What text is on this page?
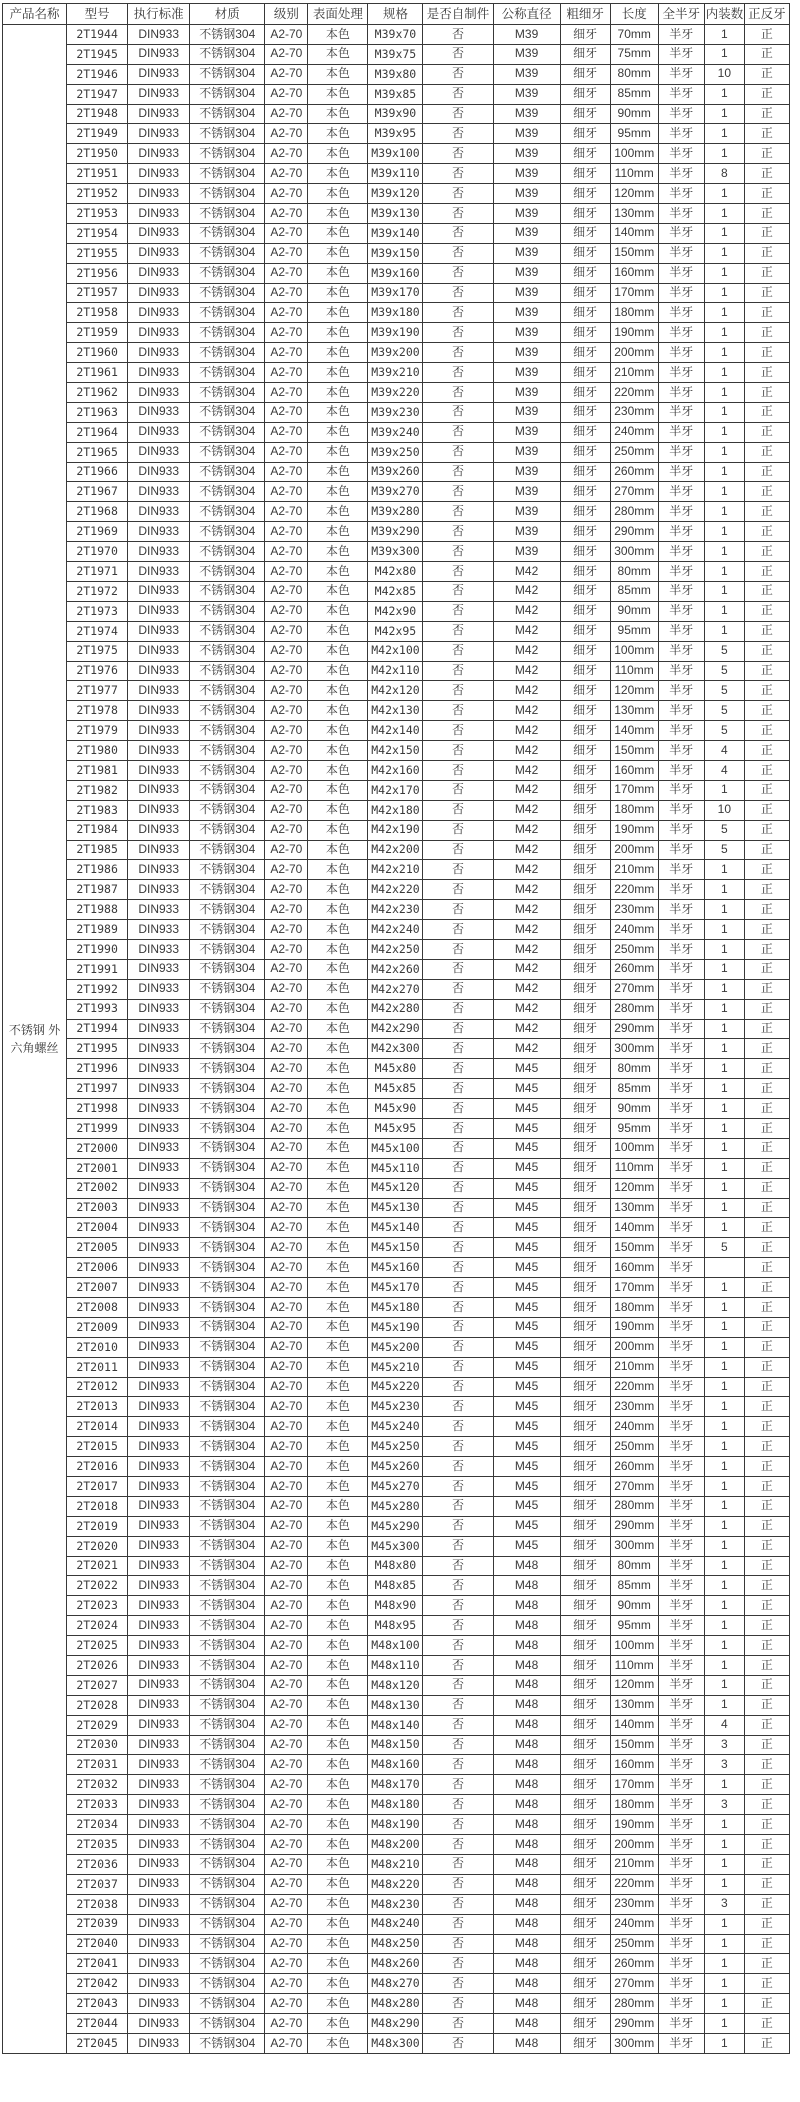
产品名称	型号	执行标准	材质	级别	表面处理	规格	是否自制件	公称直径	粗细牙	长度	全半牙	内装数	正反牙
不锈钢 外六角螺丝	2T1944	DIN933	不锈钢304	A2-70	本色	M39x70	否	M39	细牙	70mm	半牙	1	正
	2T1945	DIN933	不锈钢304	A2-70	本色	M39x75	否	M39	细牙	75mm	半牙	1	正
	2T1946	DIN933	不锈钢304	A2-70	本色	M39x80	否	M39	细牙	80mm	半牙	10	正
	2T1947	DIN933	不锈钢304	A2-70	本色	M39x85	否	M39	细牙	85mm	半牙	1	正
	2T1948	DIN933	不锈钢304	A2-70	本色	M39x90	否	M39	细牙	90mm	半牙	1	正
	2T1949	DIN933	不锈钢304	A2-70	本色	M39x95	否	M39	细牙	95mm	半牙	1	正
	2T1950	DIN933	不锈钢304	A2-70	本色	M39x100	否	M39	细牙	100mm	半牙	1	正
	2T1951	DIN933	不锈钢304	A2-70	本色	M39x110	否	M39	细牙	110mm	半牙	8	正
	2T1952	DIN933	不锈钢304	A2-70	本色	M39x120	否	M39	细牙	120mm	半牙	1	正
	2T1953	DIN933	不锈钢304	A2-70	本色	M39x130	否	M39	细牙	130mm	半牙	1	正
	2T1954	DIN933	不锈钢304	A2-70	本色	M39x140	否	M39	细牙	140mm	半牙	1	正
	2T1955	DIN933	不锈钢304	A2-70	本色	M39x150	否	M39	细牙	150mm	半牙	1	正
	2T1956	DIN933	不锈钢304	A2-70	本色	M39x160	否	M39	细牙	160mm	半牙	1	正
	2T1957	DIN933	不锈钢304	A2-70	本色	M39x170	否	M39	细牙	170mm	半牙	1	正
	2T1958	DIN933	不锈钢304	A2-70	本色	M39x180	否	M39	细牙	180mm	半牙	1	正
	2T1959	DIN933	不锈钢304	A2-70	本色	M39x190	否	M39	细牙	190mm	半牙	1	正
	2T1960	DIN933	不锈钢304	A2-70	本色	M39x200	否	M39	细牙	200mm	半牙	1	正
	2T1961	DIN933	不锈钢304	A2-70	本色	M39x210	否	M39	细牙	210mm	半牙	1	正
	2T1962	DIN933	不锈钢304	A2-70	本色	M39x220	否	M39	细牙	220mm	半牙	1	正
	2T1963	DIN933	不锈钢304	A2-70	本色	M39x230	否	M39	细牙	230mm	半牙	1	正
	2T1964	DIN933	不锈钢304	A2-70	本色	M39x240	否	M39	细牙	240mm	半牙	1	正
	2T1965	DIN933	不锈钢304	A2-70	本色	M39x250	否	M39	细牙	250mm	半牙	1	正
	2T1966	DIN933	不锈钢304	A2-70	本色	M39x260	否	M39	细牙	260mm	半牙	1	正
	2T1967	DIN933	不锈钢304	A2-70	本色	M39x270	否	M39	细牙	270mm	半牙	1	正
	2T1968	DIN933	不锈钢304	A2-70	本色	M39x280	否	M39	细牙	280mm	半牙	1	正
	2T1969	DIN933	不锈钢304	A2-70	本色	M39x290	否	M39	细牙	290mm	半牙	1	正
	2T1970	DIN933	不锈钢304	A2-70	本色	M39x300	否	M39	细牙	300mm	半牙	1	正
	2T1971	DIN933	不锈钢304	A2-70	本色	M42x80	否	M42	细牙	80mm	半牙	1	正
	2T1972	DIN933	不锈钢304	A2-70	本色	M42x85	否	M42	细牙	85mm	半牙	1	正
	2T1973	DIN933	不锈钢304	A2-70	本色	M42x90	否	M42	细牙	90mm	半牙	1	正
	2T1974	DIN933	不锈钢304	A2-70	本色	M42x95	否	M42	细牙	95mm	半牙	1	正
	2T1975	DIN933	不锈钢304	A2-70	本色	M42x100	否	M42	细牙	100mm	半牙	5	正
	2T1976	DIN933	不锈钢304	A2-70	本色	M42x110	否	M42	细牙	110mm	半牙	5	正
	2T1977	DIN933	不锈钢304	A2-70	本色	M42x120	否	M42	细牙	120mm	半牙	5	正
	2T1978	DIN933	不锈钢304	A2-70	本色	M42x130	否	M42	细牙	130mm	半牙	5	正
	2T1979	DIN933	不锈钢304	A2-70	本色	M42x140	否	M42	细牙	140mm	半牙	5	正
	2T1980	DIN933	不锈钢304	A2-70	本色	M42x150	否	M42	细牙	150mm	半牙	4	正
	2T1981	DIN933	不锈钢304	A2-70	本色	M42x160	否	M42	细牙	160mm	半牙	4	正
	2T1982	DIN933	不锈钢304	A2-70	本色	M42x170	否	M42	细牙	170mm	半牙	1	正
	2T1983	DIN933	不锈钢304	A2-70	本色	M42x180	否	M42	细牙	180mm	半牙	10	正
	2T1984	DIN933	不锈钢304	A2-70	本色	M42x190	否	M42	细牙	190mm	半牙	5	正
	2T1985	DIN933	不锈钢304	A2-70	本色	M42x200	否	M42	细牙	200mm	半牙	5	正
	2T1986	DIN933	不锈钢304	A2-70	本色	M42x210	否	M42	细牙	210mm	半牙	1	正
	2T1987	DIN933	不锈钢304	A2-70	本色	M42x220	否	M42	细牙	220mm	半牙	1	正
	2T1988	DIN933	不锈钢304	A2-70	本色	M42x230	否	M42	细牙	230mm	半牙	1	正
	2T1989	DIN933	不锈钢304	A2-70	本色	M42x240	否	M42	细牙	240mm	半牙	1	正
	2T1990	DIN933	不锈钢304	A2-70	本色	M42x250	否	M42	细牙	250mm	半牙	1	正
	2T1991	DIN933	不锈钢304	A2-70	本色	M42x260	否	M42	细牙	260mm	半牙	1	正
	2T1992	DIN933	不锈钢304	A2-70	本色	M42x270	否	M42	细牙	270mm	半牙	1	正
	2T1993	DIN933	不锈钢304	A2-70	本色	M42x280	否	M42	细牙	280mm	半牙	1	正
	2T1994	DIN933	不锈钢304	A2-70	本色	M42x290	否	M42	细牙	290mm	半牙	1	正
	2T1995	DIN933	不锈钢304	A2-70	本色	M42x300	否	M42	细牙	300mm	半牙	1	正
	2T1996	DIN933	不锈钢304	A2-70	本色	M45x80	否	M45	细牙	80mm	半牙	1	正
	2T1997	DIN933	不锈钢304	A2-70	本色	M45x85	否	M45	细牙	85mm	半牙	1	正
	2T1998	DIN933	不锈钢304	A2-70	本色	M45x90	否	M45	细牙	90mm	半牙	1	正
	2T1999	DIN933	不锈钢304	A2-70	本色	M45x95	否	M45	细牙	95mm	半牙	1	正
	2T2000	DIN933	不锈钢304	A2-70	本色	M45x100	否	M45	细牙	100mm	半牙	1	正
	2T2001	DIN933	不锈钢304	A2-70	本色	M45x110	否	M45	细牙	110mm	半牙	1	正
	2T2002	DIN933	不锈钢304	A2-70	本色	M45x120	否	M45	细牙	120mm	半牙	1	正
	2T2003	DIN933	不锈钢304	A2-70	本色	M45x130	否	M45	细牙	130mm	半牙	1	正
	2T2004	DIN933	不锈钢304	A2-70	本色	M45x140	否	M45	细牙	140mm	半牙	1	正
	2T2005	DIN933	不锈钢304	A2-70	本色	M45x150	否	M45	细牙	150mm	半牙	5	正
	2T2006	DIN933	不锈钢304	A2-70	本色	M45x160	否	M45	细牙	160mm	半牙		正
	2T2007	DIN933	不锈钢304	A2-70	本色	M45x170	否	M45	细牙	170mm	半牙	1	正
	2T2008	DIN933	不锈钢304	A2-70	本色	M45x180	否	M45	细牙	180mm	半牙	1	正
	2T2009	DIN933	不锈钢304	A2-70	本色	M45x190	否	M45	细牙	190mm	半牙	1	正
	2T2010	DIN933	不锈钢304	A2-70	本色	M45x200	否	M45	细牙	200mm	半牙	1	正
	2T2011	DIN933	不锈钢304	A2-70	本色	M45x210	否	M45	细牙	210mm	半牙	1	正
	2T2012	DIN933	不锈钢304	A2-70	本色	M45x220	否	M45	细牙	220mm	半牙	1	正
	2T2013	DIN933	不锈钢304	A2-70	本色	M45x230	否	M45	细牙	230mm	半牙	1	正
	2T2014	DIN933	不锈钢304	A2-70	本色	M45x240	否	M45	细牙	240mm	半牙	1	正
	2T2015	DIN933	不锈钢304	A2-70	本色	M45x250	否	M45	细牙	250mm	半牙	1	正
	2T2016	DIN933	不锈钢304	A2-70	本色	M45x260	否	M45	细牙	260mm	半牙	1	正
	2T2017	DIN933	不锈钢304	A2-70	本色	M45x270	否	M45	细牙	270mm	半牙	1	正
	2T2018	DIN933	不锈钢304	A2-70	本色	M45x280	否	M45	细牙	280mm	半牙	1	正
	2T2019	DIN933	不锈钢304	A2-70	本色	M45x290	否	M45	细牙	290mm	半牙	1	正
	2T2020	DIN933	不锈钢304	A2-70	本色	M45x300	否	M45	细牙	300mm	半牙	1	正
	2T2021	DIN933	不锈钢304	A2-70	本色	M48x80	否	M48	细牙	80mm	半牙	1	正
	2T2022	DIN933	不锈钢304	A2-70	本色	M48x85	否	M48	细牙	85mm	半牙	1	正
	2T2023	DIN933	不锈钢304	A2-70	本色	M48x90	否	M48	细牙	90mm	半牙	1	正
	2T2024	DIN933	不锈钢304	A2-70	本色	M48x95	否	M48	细牙	95mm	半牙	1	正
	2T2025	DIN933	不锈钢304	A2-70	本色	M48x100	否	M48	细牙	100mm	半牙	1	正
	2T2026	DIN933	不锈钢304	A2-70	本色	M48x110	否	M48	细牙	110mm	半牙	1	正
	2T2027	DIN933	不锈钢304	A2-70	本色	M48x120	否	M48	细牙	120mm	半牙	1	正
	2T2028	DIN933	不锈钢304	A2-70	本色	M48x130	否	M48	细牙	130mm	半牙	1	正
	2T2029	DIN933	不锈钢304	A2-70	本色	M48x140	否	M48	细牙	140mm	半牙	4	正
	2T2030	DIN933	不锈钢304	A2-70	本色	M48x150	否	M48	细牙	150mm	半牙	3	正
	2T2031	DIN933	不锈钢304	A2-70	本色	M48x160	否	M48	细牙	160mm	半牙	3	正
	2T2032	DIN933	不锈钢304	A2-70	本色	M48x170	否	M48	细牙	170mm	半牙	1	正
	2T2033	DIN933	不锈钢304	A2-70	本色	M48x180	否	M48	细牙	180mm	半牙	3	正
	2T2034	DIN933	不锈钢304	A2-70	本色	M48x190	否	M48	细牙	190mm	半牙	1	正
	2T2035	DIN933	不锈钢304	A2-70	本色	M48x200	否	M48	细牙	200mm	半牙	1	正
	2T2036	DIN933	不锈钢304	A2-70	本色	M48x210	否	M48	细牙	210mm	半牙	1	正
	2T2037	DIN933	不锈钢304	A2-70	本色	M48x220	否	M48	细牙	220mm	半牙	1	正
	2T2038	DIN933	不锈钢304	A2-70	本色	M48x230	否	M48	细牙	230mm	半牙	3	正
	2T2039	DIN933	不锈钢304	A2-70	本色	M48x240	否	M48	细牙	240mm	半牙	1	正
	2T2040	DIN933	不锈钢304	A2-70	本色	M48x250	否	M48	细牙	250mm	半牙	1	正
	2T2041	DIN933	不锈钢304	A2-70	本色	M48x260	否	M48	细牙	260mm	半牙	1	正
	2T2042	DIN933	不锈钢304	A2-70	本色	M48x270	否	M48	细牙	270mm	半牙	1	正
	2T2043	DIN933	不锈钢304	A2-70	本色	M48x280	否	M48	细牙	280mm	半牙	1	正
	2T2044	DIN933	不锈钢304	A2-70	本色	M48x290	否	M48	细牙	290mm	半牙	1	正
	2T2045	DIN933	不锈钢304	A2-70	本色	M48x300	否	M48	细牙	300mm	半牙	1	正
